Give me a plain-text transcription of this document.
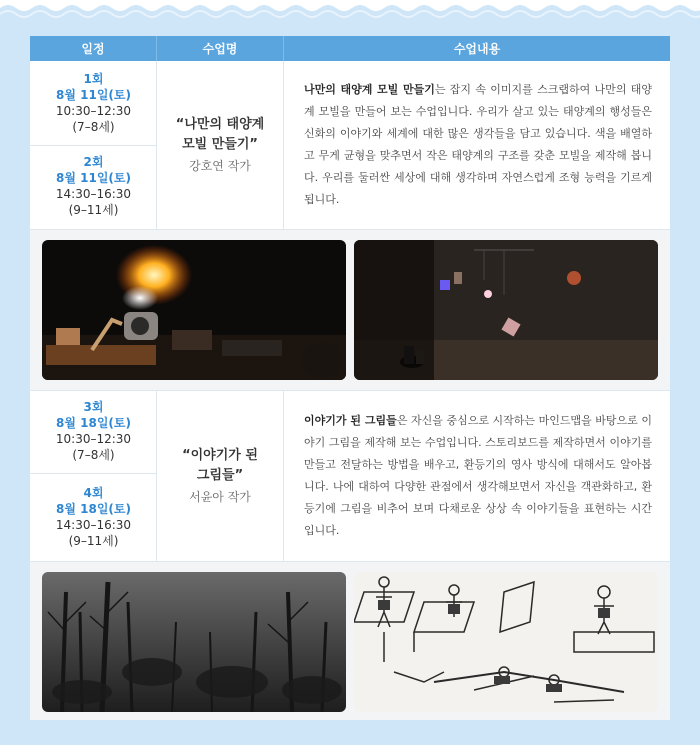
일정	수업명	수업내용
1회
8월 11일(토)
10:30–12:30
(7–8세)
2회
8월 11일(토)
14:30–16:30
(9–11세)
“나만의 태양계
모빌 만들기”
강호연 작가

나만의 태양계 모빌 만들기는 잡지 속 이미지를 스크랩하여 나만의 태양계 모빌을 만들어 보는 수업입니다. 우리가 살고 있는 태양계의 행성들은 신화의 이야기와 세계에 대한 많은 생각들을 담고 있습니다. 색을 배열하고 무게 균형을 맞추면서 작은 태양계의 구조를 갖춘 모빌을 제작해 봅니다. 우리를 둘러싼 세상에 대해 생각하며 자연스럽게 조형 능력을 기르게 됩니다.

3회
8월 18일(토)
10:30–12:30
(7–8세)
4회
8월 18일(토)
14:30–16:30
(9–11세)
“이야기가 된
그림들”
서윤아 작가

이야기가 된 그림들은 자신을 중심으로 시작하는 마인드맵을 바탕으로 이야기 그림을 제작해 보는 수업입니다. 스토리보드를 제작하면서 이야기를 만들고 전달하는 방법을 배우고, 환등기의 영사 방식에 대해서도 알아봅니다. 나에 대하여 다양한 관점에서 생각해보면서 자신을 객관화하고, 환등기에 그림을 비추어 보며 다채로운 상상 속 이야기들을 표현하는 시간입니다.
